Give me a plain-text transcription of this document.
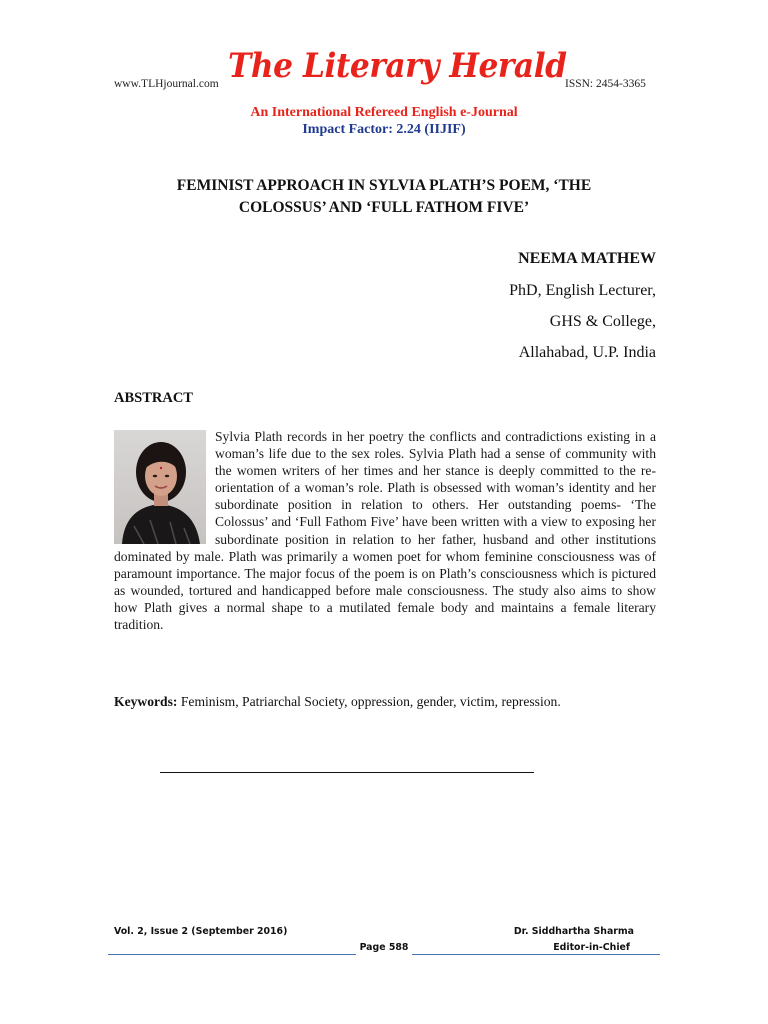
www.TLHjournal.com The Literary Herald
ISSN: 2454-3365
An International Refereed English e-Journal
Impact Factor: 2.24 (IIJIF)
FEMINIST APPROACH IN SYLVIA PLATH’S POEM, ‘THE
COLOSSUS’ AND ‘FULL FATHOM FIVE’
NEEMA MATHEW
PhD, English Lecturer,
GHS & College,
Allahabad, U.P. India
ABSTRACT

Sylvia Plath records in her poetry the conflicts and contradictions existing in a woman’s life due to the sex roles. Sylvia Plath had a sense of community with the women writers of her times and her stance is deeply committed to the re-orientation of a woman’s role. Plath is obsessed with woman’s identity and her subordinate position in relation to others. Her outstanding poems- ‘The Colossus’ and ‘Full Fathom Five’ have been written with a view to exposing her subordinate position in relation to her father, husband and other institutions dominated by male. Plath was primarily a women poet for whom feminine consciousness was of paramount importance. The major focus of the poem is on Plath’s consciousness which is pictured as wounded, tortured and handicapped before male consciousness. The study also aims to show how Plath gives a normal shape to a mutilated female body and maintains a female literary tradition.

Keywords: Feminism, Patriarchal Society, oppression, gender, victim, repression.
Vol. 2, Issue 2 (September 2016)
Page 588
Dr. Siddhartha Sharma
Editor-in-Chief
